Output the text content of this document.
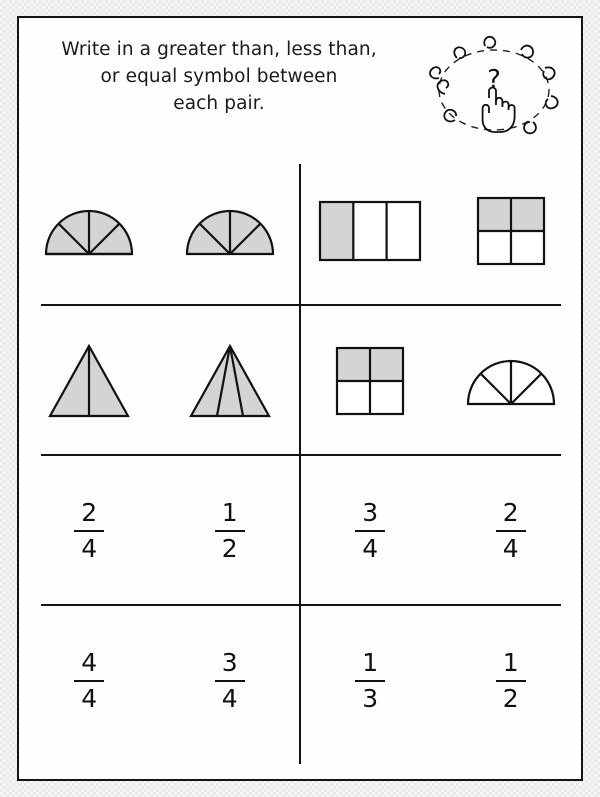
Write in a greater than, less than,
or equal symbol between
each pair.
?
$\frac{2}{4}$	$\frac{1}{2}$	$\frac{3}{4}$	$\frac{2}{4}$
$\frac{4}{4}$	$\frac{3}{4}$	$\frac{1}{3}$	$\frac{1}{2}$
